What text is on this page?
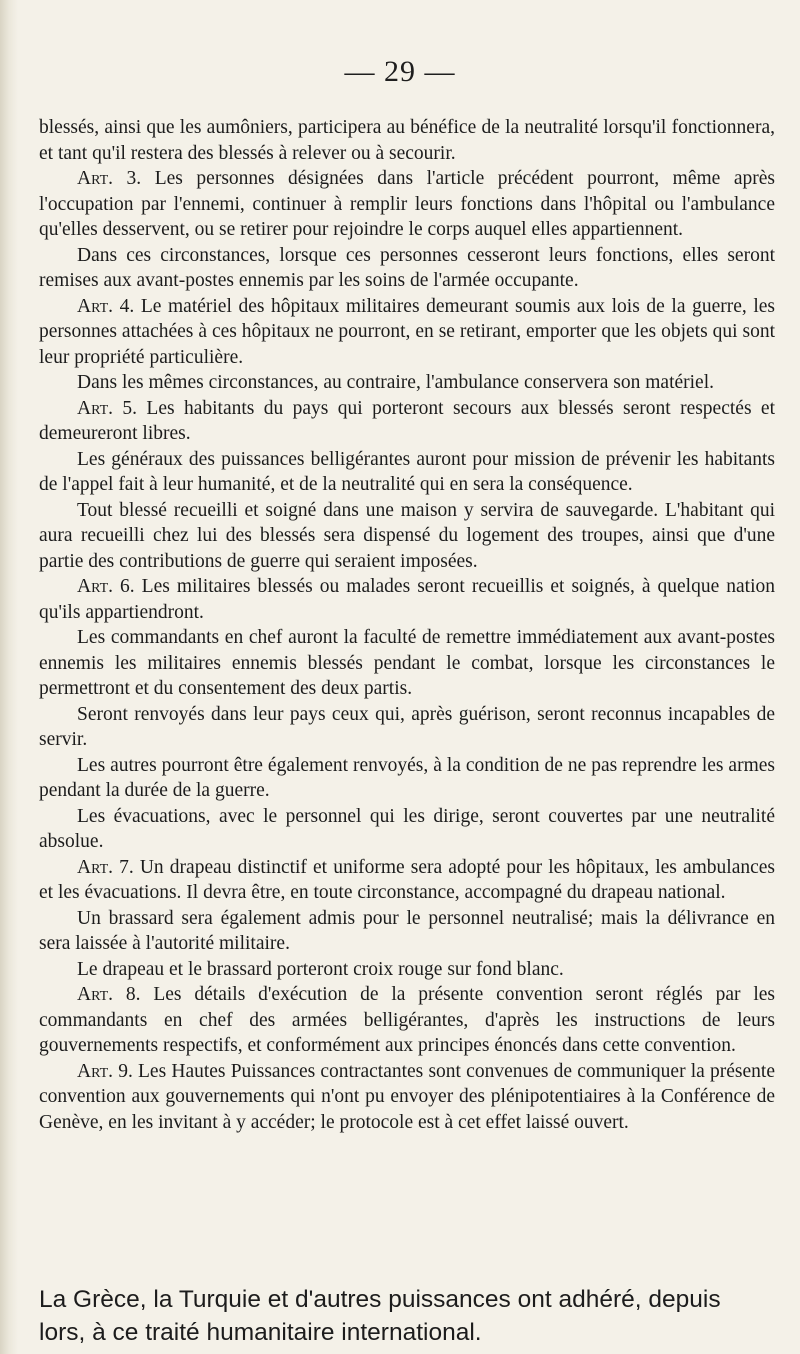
— 29 —

blessés, ainsi que les aumôniers, participera au bénéfice de la neutralité lorsqu'il fonctionnera, et tant qu'il restera des blessés à relever ou à secourir.

Art. 3. Les personnes désignées dans l'article précédent pourront, même après l'occupation par l'ennemi, continuer à remplir leurs fonctions dans l'hôpital ou l'ambulance qu'elles desservent, ou se retirer pour rejoindre le corps auquel elles appartiennent.

Dans ces circonstances, lorsque ces personnes cesseront leurs fonctions, elles seront remises aux avant-postes ennemis par les soins de l'armée occupante.

Art. 4. Le matériel des hôpitaux militaires demeurant soumis aux lois de la guerre, les personnes attachées à ces hôpitaux ne pourront, en se retirant, emporter que les objets qui sont leur propriété particulière.

Dans les mêmes circonstances, au contraire, l'ambulance conservera son matériel.

Art. 5. Les habitants du pays qui porteront secours aux blessés seront respectés et demeureront libres.

Les généraux des puissances belligérantes auront pour mission de prévenir les habitants de l'appel fait à leur humanité, et de la neutralité qui en sera la conséquence.

Tout blessé recueilli et soigné dans une maison y servira de sauvegarde. L'habitant qui aura recueilli chez lui des blessés sera dispensé du logement des troupes, ainsi que d'une partie des contributions de guerre qui seraient imposées.

Art. 6. Les militaires blessés ou malades seront recueillis et soignés, à quelque nation qu'ils appartiendront.

Les commandants en chef auront la faculté de remettre immédiatement aux avant-postes ennemis les militaires ennemis blessés pendant le combat, lorsque les circonstances le permettront et du consentement des deux partis.

Seront renvoyés dans leur pays ceux qui, après guérison, seront reconnus incapables de servir.

Les autres pourront être également renvoyés, à la condition de ne pas reprendre les armes pendant la durée de la guerre.

Les évacuations, avec le personnel qui les dirige, seront couvertes par une neutralité absolue.

Art. 7. Un drapeau distinctif et uniforme sera adopté pour les hôpitaux, les ambulances et les évacuations. Il devra être, en toute circonstance, accompagné du drapeau national.

Un brassard sera également admis pour le personnel neutralisé; mais la délivrance en sera laissée à l'autorité militaire.

Le drapeau et le brassard porteront croix rouge sur fond blanc.

Art. 8. Les détails d'exécution de la présente convention seront réglés par les commandants en chef des armées belligérantes, d'après les instructions de leurs gouvernements respectifs, et conformément aux principes énoncés dans cette convention.

Art. 9. Les Hautes Puissances contractantes sont convenues de communiquer la présente convention aux gouvernements qui n'ont pu envoyer des plénipotentiaires à la Conférence de Genève, en les invitant à y accéder; le protocole est à cet effet laissé ouvert.

La Grèce, la Turquie et d'autres puissances ont adhéré, depuis lors, à ce traité humanitaire international.
